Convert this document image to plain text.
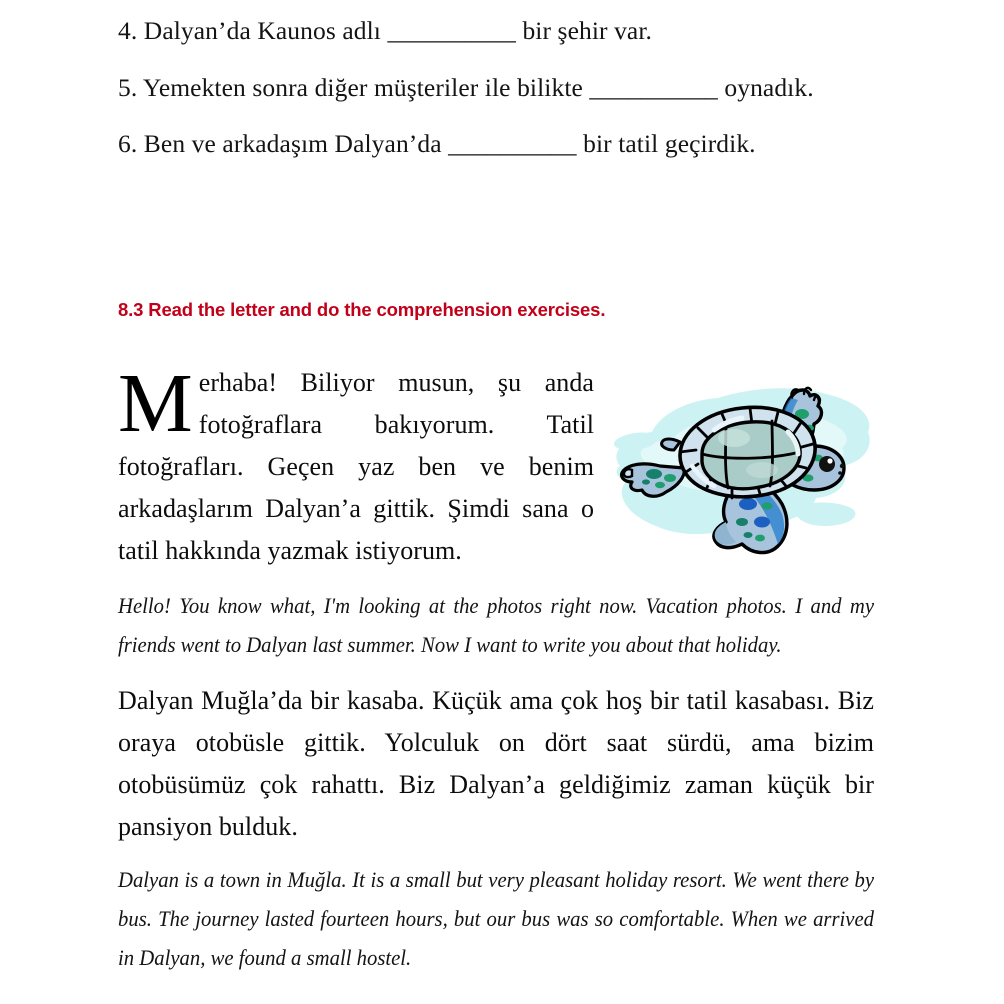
4. Dalyan’da Kaunos adlı __________ bir şehir var.
5. Yemekten sonra diğer müşteriler ile bilikte __________ oynadık.
6. Ben ve arkadaşım Dalyan’da __________ bir tatil geçirdik.
8.3 Read the letter and do the comprehension exercises.

Merhaba! Biliyor musun, şu anda fotoğraflara bakıyorum. Tatil fotoğrafları. Geçen yaz ben ve benim arkadaşlarım Dalyan’a gittik. Şimdi sana o tatil hakkında yazmak istiyorum.

Hello! You know what, I'm looking at the photos right now. Vacation photos. I and my friends went to Dalyan last summer. Now I want to write you about that holiday.

Dalyan Muğla’da bir kasaba. Küçük ama çok hoş bir tatil kasabası. Biz oraya otobüsle gittik. Yolculuk on dört saat sürdü, ama bizim otobüsümüz çok rahattı. Biz Dalyan’a geldiğimiz zaman küçük bir pansiyon bulduk.

Dalyan is a town in Muğla. It is a small but very pleasant holiday resort. We went there by bus. The journey lasted fourteen hours, but our bus was so comfortable. When we arrived in Dalyan, we found a small hostel.
